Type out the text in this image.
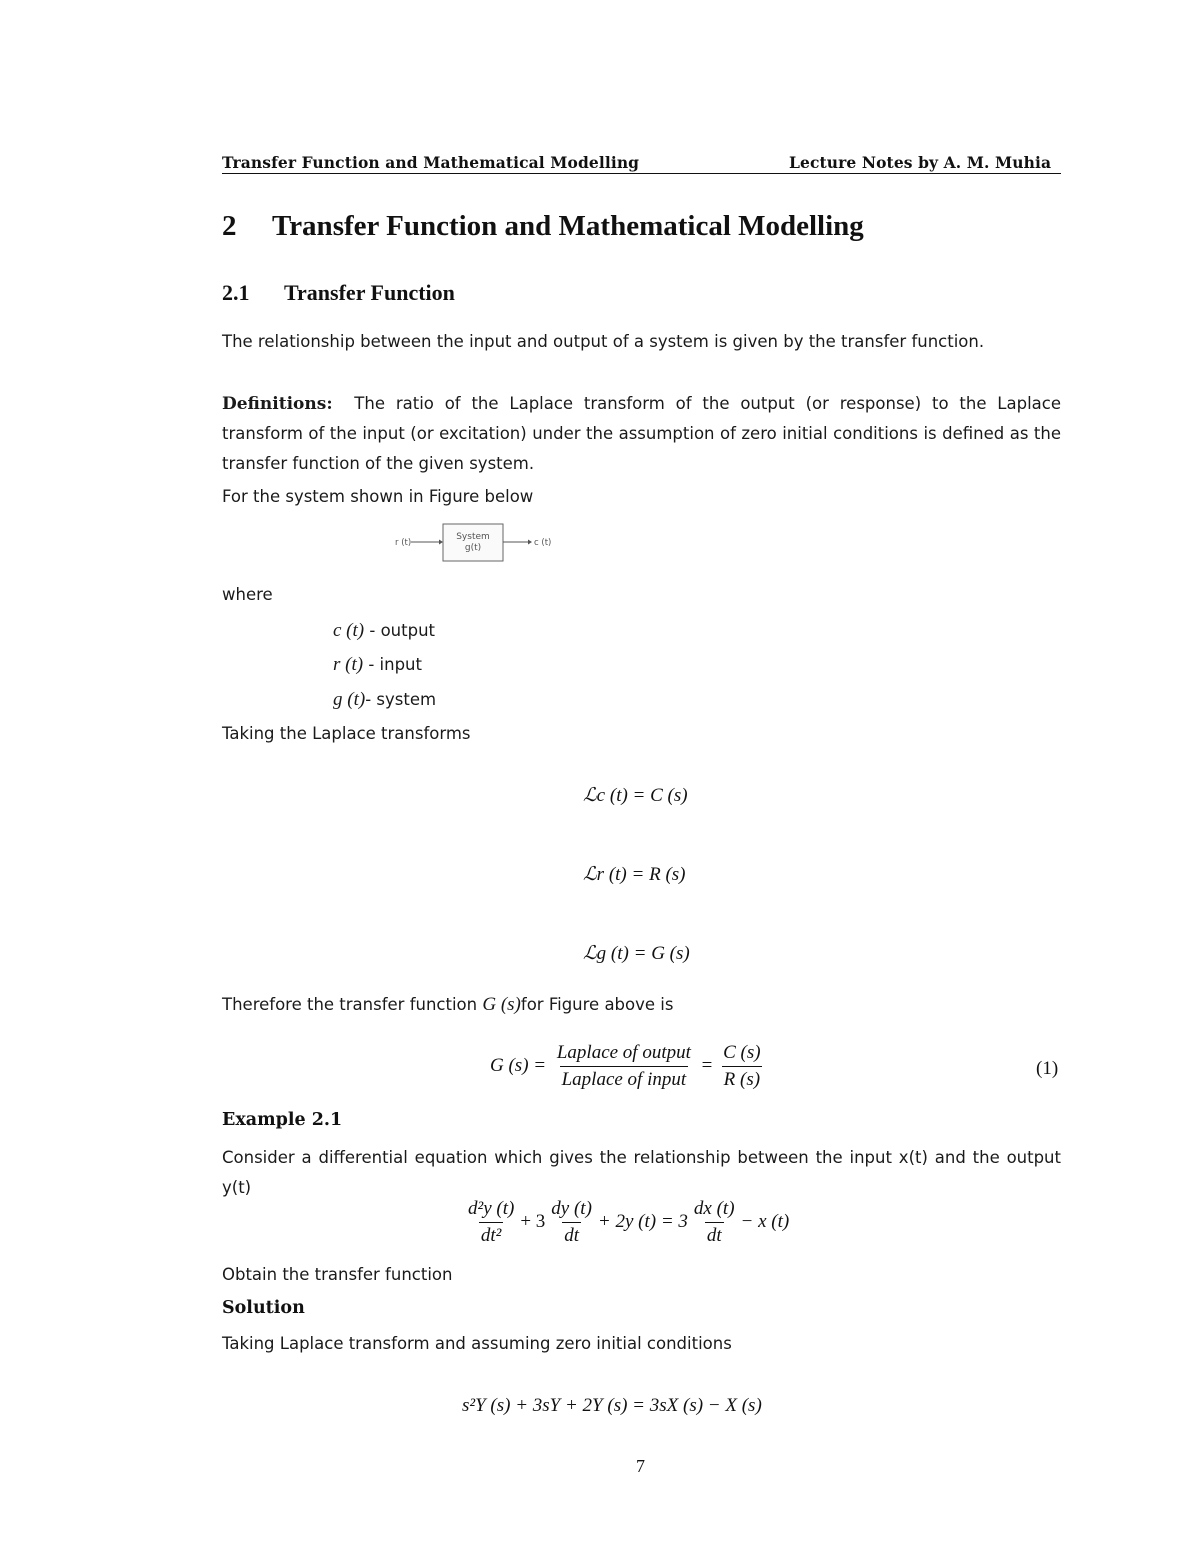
Transfer Function and Mathematical Modelling	Lecture Notes by A. M. Muhia
2 Transfer Function and Mathematical Modelling
2.1 Transfer Function
The relationship between the input and output of a system is given by the transfer function.
Definitions: The ratio of the Laplace transform of the output (or response) to the Laplace transform of the input (or excitation) under the assumption of zero initial conditions is defined as the transfer function of the given system.
For the system shown in Figure below
r (t)
System
g(t)	c (t)
where
c (t) - output
r (t) - input
g (t)- system
Taking the Laplace transforms
ℒc (t) = C (s)
ℒr (t) = R (s)
ℒg (t) = G (s)
Therefore the transfer function G (s)for Figure above is
G $(s) = \frac{\text{Laplace of output}}{\text{Laplace of input}} = \frac{C (s)}{R (s)}$	(1)
Example 2.1
Consider a differential equation which gives the relationship between the input x(t) and the output y(t)
$\frac{\text{d²y (t)}}{\text{dt²}} + 3 \frac{dy (t)}{dt} + 2y$ $(t) = 3 \frac{dx (t)}{dt} - x$ (t)
Obtain the transfer function
Solution
Taking Laplace transform and assuming zero initial conditions
s²Y (s) + 3sY + 2Y (s) = 3sX (s) − X (s)
7
